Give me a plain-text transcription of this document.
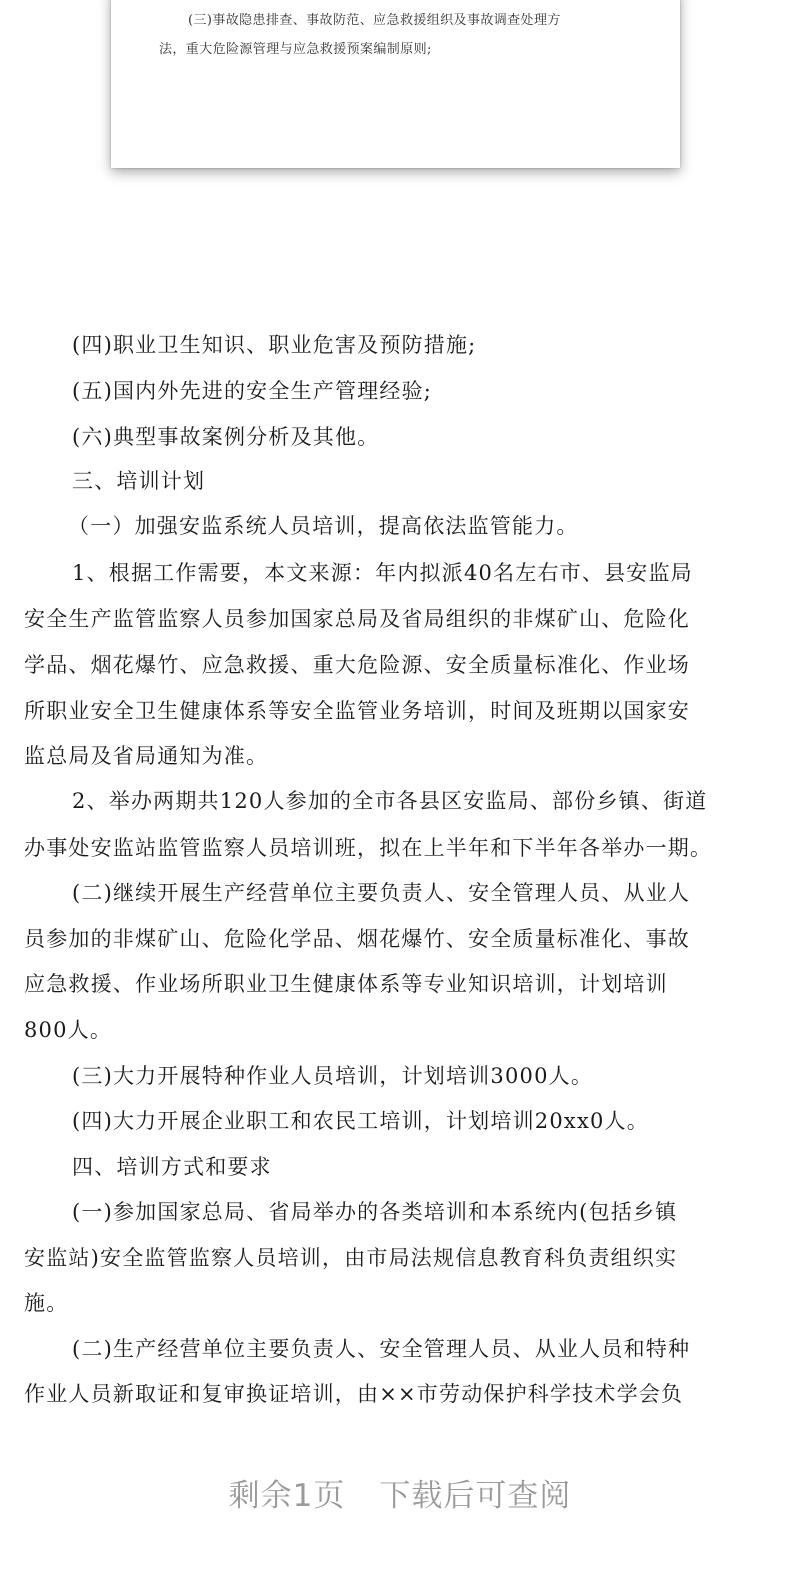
(三)事故隐患排查、事故防范、应急救援组织及事故调查处理方
法，重大危险源管理与应急救援预案编制原则;
(四)职业卫生知识、职业危害及预防措施;
(五)国内外先进的安全生产管理经验;
(六)典型事故案例分析及其他。
三、培训计划
（一）加强安监系统人员培训，提高依法监管能力。
1、根据工作需要，本文来源：年内拟派40名左右市、县安监局
安全生产监管监察人员参加国家总局及省局组织的非煤矿山、危险化
学品、烟花爆竹、应急救援、重大危险源、安全质量标准化、作业场
所职业安全卫生健康体系等安全监管业务培训，时间及班期以国家安
监总局及省局通知为准。
2、举办两期共120人参加的全市各县区安监局、部份乡镇、街道
办事处安监站监管监察人员培训班，拟在上半年和下半年各举办一期。
(二)继续开展生产经营单位主要负责人、安全管理人员、从业人
员参加的非煤矿山、危险化学品、烟花爆竹、安全质量标准化、事故
应急救援、作业场所职业卫生健康体系等专业知识培训，计划培训
800人。
(三)大力开展特种作业人员培训，计划培训3000人。
(四)大力开展企业职工和农民工培训，计划培训20xx0人。
四、培训方式和要求
(一)参加国家总局、省局举办的各类培训和本系统内(包括乡镇
安监站)安全监管监察人员培训，由市局法规信息教育科负责组织实
施。
(二)生产经营单位主要负责人、安全管理人员、从业人员和特种
作业人员新取证和复审换证培训，由××市劳动保护科学技术学会负
剩余1页 下载后可查阅
